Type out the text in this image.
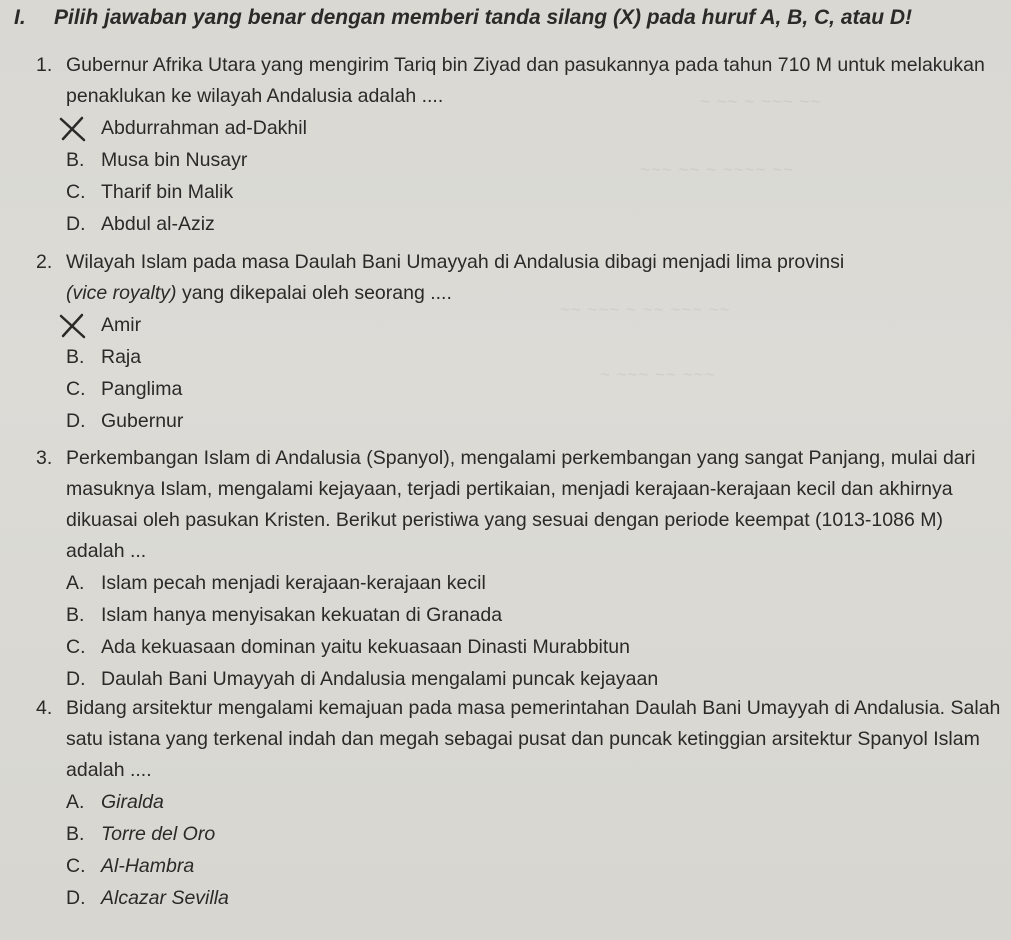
~ ~~ ~ ~~~ ~~
~~~ ~~ ~ ~~~~ ~~
~~ ~~~ ~ ~~ ~~~ ~~
~ ~~~ ~~ ~~~
I. Pilih jawaban yang benar dengan memberi tanda silang (X) pada huruf A, B, C, atau D!
1. Gubernur Afrika Utara yang mengirim Tariq bin Ziyad dan pasukannya pada tahun 710 M untuk melakukan penaklukan ke wilayah Andalusia adalah ....
Abdurrahman ad-Dakhil
B. Musa bin Nusayr
C. Tharif bin Malik
D. Abdul al-Aziz
2. Wilayah Islam pada masa Daulah Bani Umayyah di Andalusia dibagi menjadi lima provinsi
(vice royalty) yang dikepalai oleh seorang ....
Amir
B. Raja
C. Panglima
D. Gubernur
3. Perkembangan Islam di Andalusia (Spanyol), mengalami perkembangan yang sangat Panjang, mulai dari masuknya Islam, mengalami kejayaan, terjadi pertikaian, menjadi kerajaan-kerajaan kecil dan akhirnya dikuasai oleh pasukan Kristen. Berikut peristiwa yang sesuai dengan periode keempat (1013-1086 M) adalah ...
A. Islam pecah menjadi kerajaan-kerajaan kecil
B. Islam hanya menyisakan kekuatan di Granada
C. Ada kekuasaan dominan yaitu kekuasaan Dinasti Murabbitun
D. Daulah Bani Umayyah di Andalusia mengalami puncak kejayaan
4. Bidang arsitektur mengalami kemajuan pada masa pemerintahan Daulah Bani Umayyah di Andalusia. Salah satu istana yang terkenal indah dan megah sebagai pusat dan puncak ketinggian arsitektur Spanyol Islam adalah ....
A. Giralda
B. Torre del Oro
C. Al-Hambra
D. Alcazar Sevilla
